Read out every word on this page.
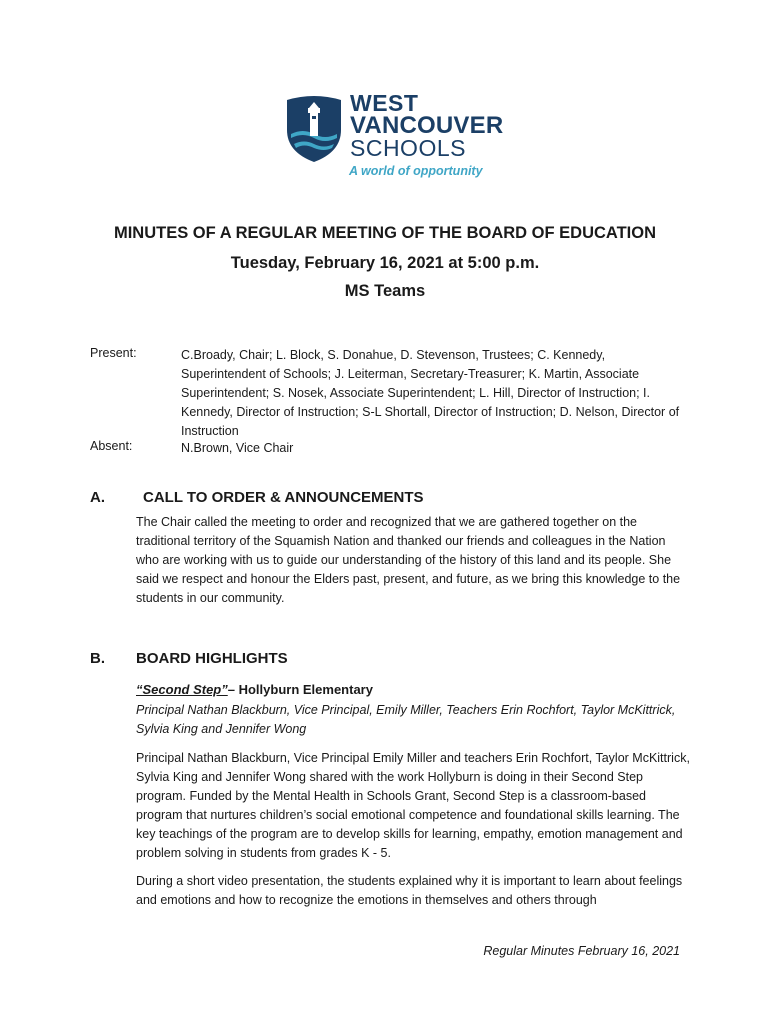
WEST
VANCOUVER
SCHOOLS
A world of opportunity
MINUTES OF A REGULAR MEETING OF THE BOARD OF EDUCATION
Tuesday, February 16, 2021 at 5:00 p.m.
MS Teams
Present:	C.Broady, Chair; L. Block, S. Donahue, D. Stevenson, Trustees; C. Kennedy, Superintendent of Schools; J. Leiterman, Secretary-Treasurer; K. Martin, Associate Superintendent; S. Nosek, Associate Superintendent; L. Hill, Director of Instruction; I. Kennedy, Director of Instruction; S-L Shortall, Director of Instruction; D. Nelson, Director of Instruction
Absent:	N.Brown, Vice Chair
A.	CALL TO ORDER & ANNOUNCEMENTS

The Chair called the meeting to order and recognized that we are gathered together on the traditional territory of the Squamish Nation and thanked our friends and colleagues in the Nation who are working with us to guide our understanding of the history of this land and its people. She said we respect and honour the Elders past, present, and future, as we bring this knowledge to the students in our community.

B. BOARD HIGHLIGHTS
“Second Step”– Hollyburn Elementary

Principal Nathan Blackburn, Vice Principal, Emily Miller, Teachers Erin Rochfort, Taylor McKittrick, Sylvia King and Jennifer Wong

Principal Nathan Blackburn, Vice Principal Emily Miller and teachers Erin Rochfort, Taylor McKittrick, Sylvia King and Jennifer Wong shared with the work Hollyburn is doing in their Second Step program. Funded by the Mental Health in Schools Grant, Second Step is a classroom-based program that nurtures children’s social emotional competence and foundational skills learning. The key teachings of the program are to develop skills for learning, empathy, emotion management and problem solving in students from grades K - 5.

During a short video presentation, the students explained why it is important to learn about feelings and emotions and how to recognize the emotions in themselves and others through

Regular Minutes February 16, 2021
